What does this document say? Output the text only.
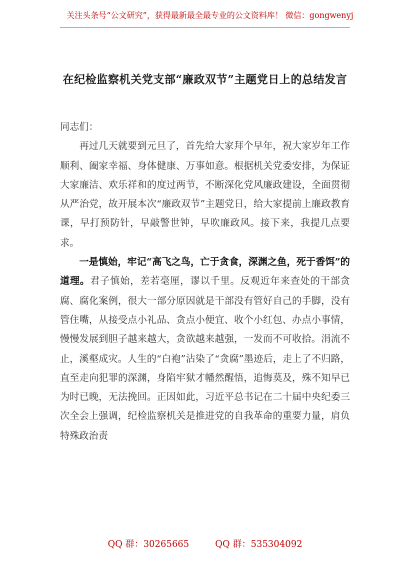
关注头条号“公文研究”，获得最新最全最专业的公文资料库！ 微信：gongwenyj
在纪检监察机关党支部“廉政双节”主题党日上的总结发言

同志们：

再过几天就要到元旦了，首先给大家拜个早年，祝大家岁年工作顺利、阖家幸福、身体健康、万事如意。根据机关党委安排，为保证大家廉洁、欢乐祥和的度过两节，不断深化党风廉政建设，全面贯彻从严治党，故开展本次“廉政双节”主题党日，给大家提前上廉政教育课，早打预防针，早敲警世钟，早吹廉政风。接下来，我提几点要求。

一是慎始，牢记“高飞之鸟，亡于贪食，深渊之鱼，死于香饵”的道理。君子慎始，差若毫厘，谬以千里。反观近年来查处的干部贪腐、腐化案例，很大一部分原因就是干部没有管好自己的手脚，没有管住嘴，从接受点小礼品、贪点小便宜、收个小红包、办点小事情，慢慢发展到胆子越来越大，贪欲越来越强，一发而不可收拾。涓流不止，溪壑成灾。人生的“白袍”沾染了“贪腐”墨迹后，走上了不归路，直至走向犯罪的深渊，身陷牢狱才幡然醒悟，追悔莫及，殊不知早已为时已晚，无法挽回。正因如此，习近平总书记在二十届中央纪委三次全会上强调，纪检监察机关是推进党的自我革命的重要力量，肩负特殊政治责

QQ 群：30265665	QQ 群：535304092
